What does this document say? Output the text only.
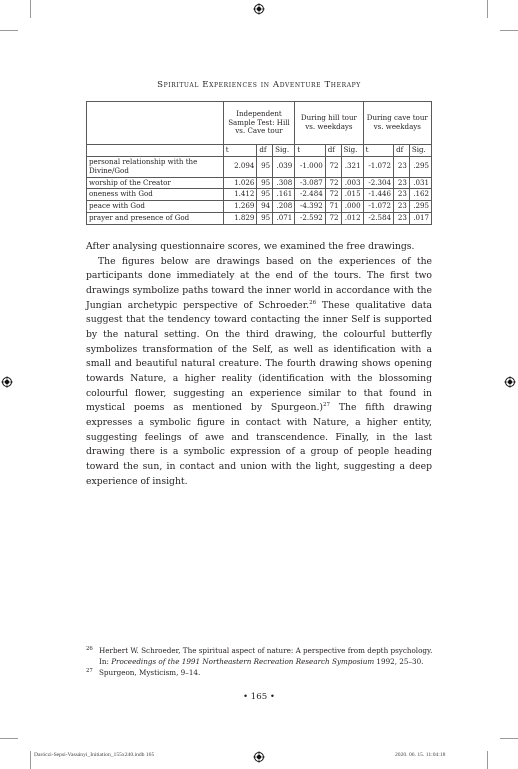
Spiritual Experiences in Adventure Therapy
	Independent Sample Test: Hill vs. Cave tour			During hill tour vs. weekdays			During cave tour vs. weekdays		
	t	df	Sig.	t	df	Sig.	t	df	Sig.
personal relationship with the Divine/God	2.094	95	.039	-1.000	72	.321	-1.072	23	.295
worship of the Creator	1.026	95	.308	-3.087	72	.003	-2.304	23	.031
oneness with God	1.412	95	.161	-2.484	72	.015	-1.446	23	.162
peace with God	1.269	94	.208	-4.392	71	.000	-1.072	23	.295
prayer and presence of God	1.829	95	.071	-2.592	72	.012	-2.584	23	.017

After analysing questionnaire scores, we examined the free drawings.

The figures below are drawings based on the experiences of the participants done immediately at the end of the tours. The first two drawings symbolize paths toward the inner world in accordance with the Jungian archetypic perspective of Schroeder.$^{26}$ These qualitative data suggest that the tendency toward contacting the inner Self is supported by the natural setting. On the third drawing, the colourful butterfly symbolizes transformation of the Self, as well as identification with a small and beautiful natural creature. The fourth drawing shows opening towards Nature, a higher reality (identification with the blossoming colourful flower, suggesting an experience similar to that found in mystical poems as mentioned by Spurgeon.)$^{27}$ The fifth drawing expresses a symbolic figure in contact with Nature, a higher entity, suggesting feelings of awe and transcendence. Finally, in the last drawing there is a symbolic expression of a group of people heading toward the sun, in contact and union with the light, suggesting a deep experience of insight.

26 Herbert W. Schroeder, The spiritual aspect of nature: A perspective from depth psychology.
In: Proceedings of the 1991 Northeastern Recreation Research Symposium 1992, 25–30.
27 Spurgeon, Mysticism, 9–14.
• 165 •
Daróczi-Sepsi-Vassányi_Initiation_155x240.indb 165	2020. 06. 15. 11:04:18
